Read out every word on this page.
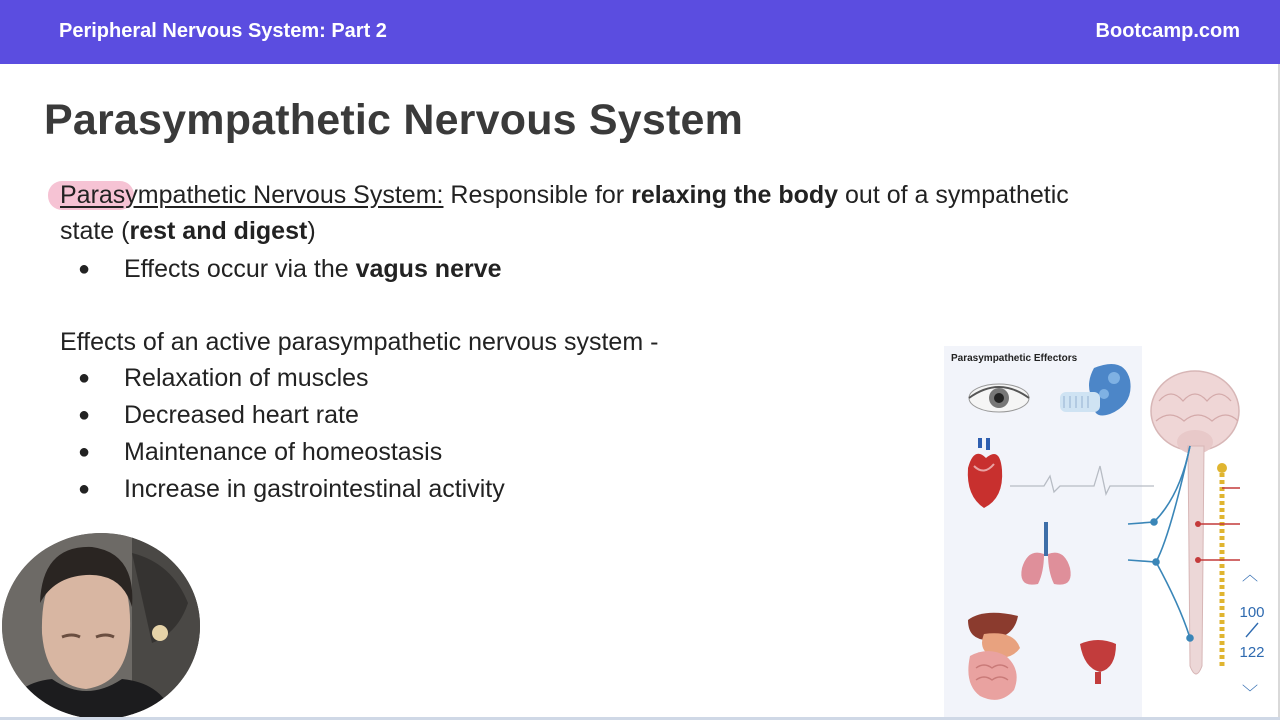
Peripheral Nervous System: Part 2	Bootcamp.com
Parasympathetic Nervous System
Parasympathetic Nervous System: Responsible for relaxing the body out of a sympathetic
state (rest and digest)
● Effects occur via the vagus nerve
Effects of an active parasympathetic nervous system -
● Relaxation of muscles
● Decreased heart rate
● Maintenance of homeostasis
● Increase in gastrointestinal activity
Parasympathetic Effectors
︿
100
122
﹀
